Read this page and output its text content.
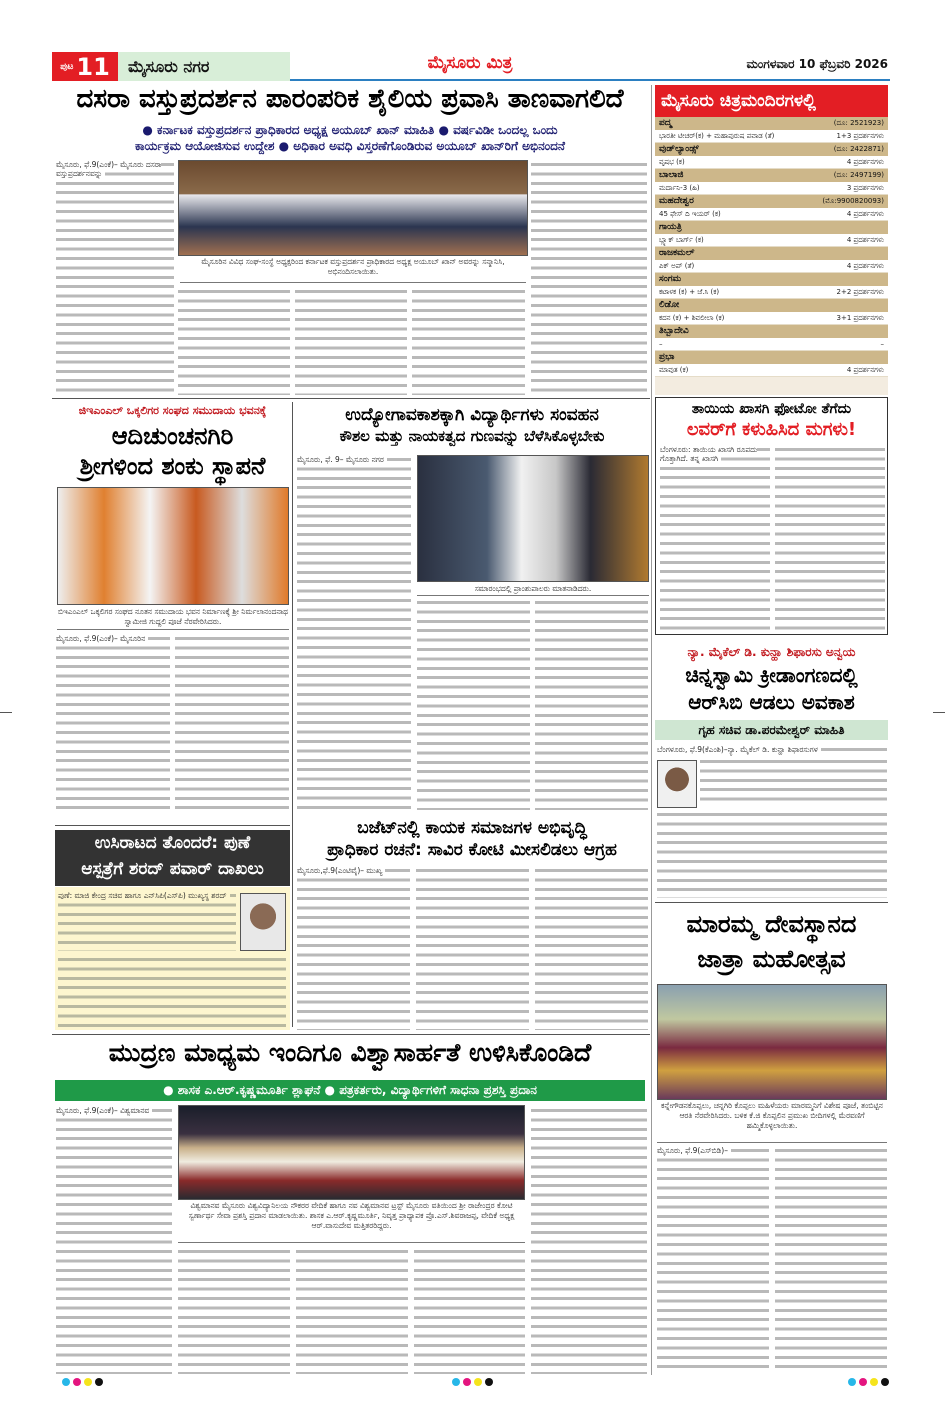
ಪುಟ 11	ಮೈಸೂರು ನಗರ	ಮೈಸೂರು ಮಿತ್ರ	ಮಂಗಳವಾರ 10 ಫೆಬ್ರವರಿ 2026
ದಸರಾ ವಸ್ತುಪ್ರದರ್ಶನ ಪಾರಂಪರಿಕ ಶೈಲಿಯ ಪ್ರವಾಸಿ ತಾಣವಾಗಲಿದೆ
● ಕರ್ನಾಟಕ ವಸ್ತುಪ್ರದರ್ಶನ ಪ್ರಾಧಿಕಾರದ ಅಧ್ಯಕ್ಷ ಅಯೂಬ್ ಖಾನ್ ಮಾಹಿತಿ ● ವರ್ಷವಿಡೀ ಒಂದಲ್ಲ ಒಂದು
ಕಾರ್ಯಕ್ರಮ ಆಯೋಜಿಸುವ ಉದ್ದೇಶ ● ಅಧಿಕಾರ ಅವಧಿ ವಿಸ್ತರಣೆಗೊಂಡಿರುವ ಅಯೂಬ್ ಖಾನ್‌ರಿಗೆ ಅಭಿನಂದನೆ
ಮೈಸೂರು, ಫೆ.9(ಎಂಕೆ)– ಮೈಸೂರು ದಸರಾ ವಸ್ತುಪ್ರದರ್ಶನವನ್ನು
ಮೈಸೂರಿನ ವಿವಿಧ ಸಂಘ-ಸಂಸ್ಥೆ ಅಧ್ಯಕ್ಷರಿಂದ ಕರ್ನಾಟಕ ವಸ್ತುಪ್ರದರ್ಶನ ಪ್ರಾಧಿಕಾರದ ಅಧ್ಯಕ್ಷ ಅಯೂಬ್ ಖಾನ್ ಅವರನ್ನು ಸನ್ಮಾನಿಸಿ, ಅಭಿನಂದಿಸಲಾಯಿತು.
ಮೈಸೂರು ಚಿತ್ರಮಂದಿರಗಳಲ್ಲಿ
ಪದ್ಮ	(ದೂ: 2521923)
ಭಾರತೀ ಟೀಚರ್(ಕ) + ಮಹಾಪುರುಷ ಪವಾಡ (ತೆ)	1+3 ಪ್ರದರ್ಶನಗಳು
ವುಡ್‌ಲ್ಯಾಂಡ್ಸ್	(ದೂ: 2422871)
ವೃಷಭ (ಕ)	4 ಪ್ರದರ್ಶನಗಳು
ಬಾಲಾಜಿ	(ದೂ: 2497199)
ಮರ್ದಾನಿ-3 (ಹಿ)	3 ಪ್ರದರ್ಶನಗಳು
ಮಹದೇಶ್ವರ	(ಮೊ:9900820093)
45 ಫೇಸ್ ದಿ ಇಯರ್ (ಕ)	4 ಪ್ರದರ್ಶನಗಳು
ಗಾಯತ್ರಿ
ಬ್ಲ್ಯಾಕ್ ಬಾರ್ಗ್ (ಕ)	4 ಪ್ರದರ್ಶನಗಳು
ರಾಜಕಮಲ್
ಪಿಕ್ ಅಪ್ (ತೆ)	4 ಪ್ರದರ್ಶನಗಳು
ಸಂಗಮ
ಕಟಾಳಕ (ಕ) + ಜೆ.ಸಿ (ಕ)	2+2 ಪ್ರದರ್ಶನಗಳು
ಲಿಡೋ
ಕದನ (ಕ) + ಶಿವಲೀಲಾ (ಕ)	3+1 ಪ್ರದರ್ಶನಗಳು
ತಿಬ್ಬಾದೇವಿ
–	–
ಪ್ರಭಾ
ಮಾವುತ (ಕ)	4 ಪ್ರದರ್ಶನಗಳು
ಜಿಇಎಂಎಲ್ ಒಕ್ಕಲಿಗರ ಸಂಘದ ಸಮುದಾಯ ಭವನಕ್ಕೆ
ಆದಿಚುಂಚನಗಿರಿ
ಶ್ರೀಗಳಿಂದ ಶಂಕು ಸ್ಥಾಪನೆ
ಬಿಇಎಂಎಲ್ ಒಕ್ಕಲಿಗರ ಸಂಘದ ನೂತನ ಸಮುದಾಯ ಭವನ ನಿರ್ಮಾಣಕ್ಕೆ ಶ್ರೀ ನಿರ್ಮಲಾನಂದನಾಥ ಸ್ವಾಮೀಜಿ ಗುದ್ದಲಿ ಪೂಜೆ ನೆರವೇರಿಸಿದರು.
ಮೈಸೂರು, ಫೆ.9(ಎಂಕೆ)– ಮೈಸೂರಿನ
ಉದ್ಯೋಗಾವಕಾಶಕ್ಕಾಗಿ ವಿದ್ಯಾರ್ಥಿಗಳು ಸಂವಹನ
ಕೌಶಲ ಮತ್ತು ನಾಯಕತ್ವದ ಗುಣವನ್ನು ಬೆಳೆಸಿಕೊಳ್ಳಬೇಕು
ಮೈಸೂರು, ಫೆ. 9– ಮೈಸೂರು ನಗರ
ಸಮಾರಂಭದಲ್ಲಿ ಪ್ರಾಂಶುಪಾಲರು ಮಾತನಾಡಿದರು.
ತಾಯಿಯ ಖಾಸಗಿ ಫೋಟೋ ತೆಗೆದು
ಲವರ್‌ಗೆ ಕಳುಹಿಸಿದ ಮಗಳು!
ಬೆಂಗಳೂರು: ತಾಯಿಯ ಖಾಸಗಿ ರೂಪದು ಗೊತ್ತಾಗಿದೆ. ತನ್ನ ಖಾಸಗಿ
ನ್ಯಾ. ಮೈಕೆಲ್ ಡಿ. ಕುನ್ಹಾ ಶಿಫಾರಸು ಅನ್ವಯ
ಚಿನ್ನಸ್ವಾಮಿ ಕ್ರೀಡಾಂಗಣದಲ್ಲಿ
ಆರ್‌ಸಿಬಿ ಆಡಲು ಅವಕಾಶ
ಗೃಹ ಸಚಿವ ಡಾ.ಪರಮೇಶ್ವರ್ ಮಾಹಿತಿ
ಬೆಂಗಳೂರು, ಫೆ.9(ಕೆಎಂಶಿ)–ನ್ಯಾ. ಮೈಕೆಲ್ ಡಿ. ಕುನ್ಹಾ ಶಿಫಾರಸುಗಳ
ಮಾರಮ್ಮ ದೇವಸ್ಥಾನದ
ಜಾತ್ರಾ ಮಹೋತ್ಸವ
ಕನ್ನೇಗೌಡನಕೊಪ್ಪಲು, ಚನ್ನಗಿರಿ ಕೊಪ್ಪಲು ಮಹಿಳೆಯರು ಮಾರಮ್ಮನಿಗೆ ವಿಶೇಷ ಪೂಜೆ, ತಂಬಿಟ್ಟಿನ ಆರತಿ ನೆರವೇರಿಸಿದರು. ಬಳಿಕ ಕೆ.ಜಿ ಕೊಪ್ಪಲಿನ ಪ್ರಮುಖ ಬೀದಿಗಳಲ್ಲಿ ಮೆರವಣಿಗೆ ಹಮ್ಮಿಕೊಳ್ಳಲಾಯಿತು.
ಮೈಸೂರು, ಫೆ.9(ಎಸ್‌ಬಿಡಿ)–
ಉಸಿರಾಟದ ತೊಂದರೆ: ಪುಣೆ
ಆಸ್ಪತ್ರೆಗೆ ಶರದ್ ಪವಾರ್ ದಾಖಲು
ಪುಣೆ: ಮಾಜಿ ಕೇಂದ್ರ ಸಚಿವ ಹಾಗೂ ಎನ್‌ಸಿಪಿ(ಎಸ್‌ಪಿ) ಮುಖ್ಯಸ್ಥ ಶರದ್
ಬಜೆಟ್‌ನಲ್ಲಿ ಕಾಯಕ ಸಮಾಜಗಳ ಅಭಿವೃದ್ಧಿ
ಪ್ರಾಧಿಕಾರ ರಚನೆ: ಸಾವಿರ ಕೋಟಿ ಮೀಸಲಿಡಲು ಆಗ್ರಹ
ಮೈಸೂರು,ಫೆ.9(ಎಂಟಿವೈ)– ಮುಖ್ಯ
ಮುದ್ರಣ ಮಾಧ್ಯಮ ಇಂದಿಗೂ ವಿಶ್ವಾಸಾರ್ಹತೆ ಉಳಿಸಿಕೊಂಡಿದೆ
● ಶಾಸಕ ಎ.ಆರ್.ಕೃಷ್ಣಮೂರ್ತಿ ಶ್ಲಾಘನೆ ● ಪತ್ರಕರ್ತರು, ವಿದ್ಯಾರ್ಥಿಗಳಿಗೆ ಸಾಧನಾ ಪ್ರಶಸ್ತಿ ಪ್ರದಾನ
ಮೈಸೂರು, ಫೆ.9(ಎಂಕೆ)– ವಿಶ್ವಮಾನವ
ವಿಶ್ವಮಾನವ ಮೈಸೂರು ವಿಶ್ವವಿದ್ಯಾನಿಲಯ ನೌಕರರ ವೇದಿಕೆ ಹಾಗೂ ನವ ವಿಶ್ವಮಾನವ ಟ್ರಸ್ಟ್ ಮೈಸೂರು ವತಿಯಿಂದ ಶ್ರೀ ರಾಜೇಂದ್ರರ ಕೋಟಿ ಸ್ವರ್ಣಾರ್ಥ ಸೇವಾ ಪ್ರಶಸ್ತಿ ಪ್ರದಾನ ಮಾಡಲಾಯಿತು. ಶಾಸಕ ಎ.ಆರ್.ಕೃಷ್ಣಮೂರ್ತಿ, ನಿವೃತ್ತ ಪ್ರಾಧ್ಯಾಪಕ ಪ್ರೊ.ಎಸ್.ಶಿವರಾಜಪ್ಪ, ವೇದಿಕೆ ಅಧ್ಯಕ್ಷ ಆರ್.ವಾಸುದೇವ ಮತ್ತಿತರರಿದ್ದರು.
